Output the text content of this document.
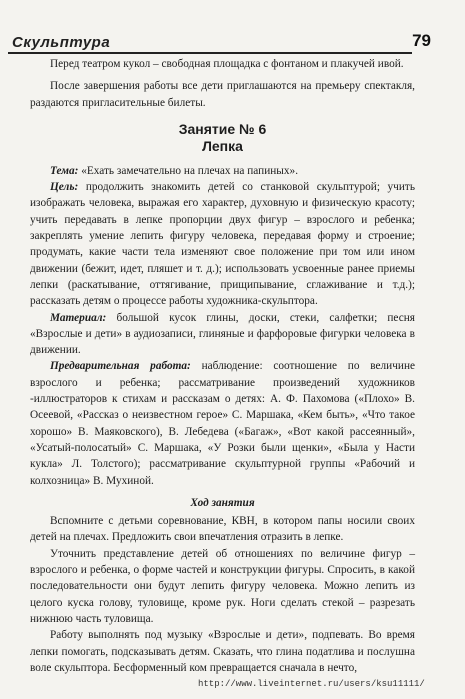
Скульптура	79

Перед театром кукол – свободная площадка с фонтаном и плакучей ивой.

После завершения работы все дети приглашаются на премьеру спектакля, раздаются пригласительные билеты.

Занятие № 6
Лепка

Тема: «Ехать замечательно на плечах на папиных».

Цель: продолжить знакомить детей со станковой скульптурой; учить изображать человека, выражая его характер, духовную и физическую красоту; учить передавать в лепке пропорции двух фигур – взрослого и ребенка; закреплять умение лепить фигуру человека, передавая форму и строение; продумать, какие части тела изменяют свое положение при том или ином движении (бежит, идет, пляшет и т. д.); использовать усвоенные ранее приемы лепки (раскатывание, оттягивание, прищипывание, сглаживание и т.д.); рассказать детям о процессе работы художника-скульптора.

Материал: большой кусок глины, доски, стеки, салфетки; песня «Взрослые и дети» в аудиозаписи, глиняные и фарфоровые фигурки человека в движении.

Предварительная работа: наблюдение: соотношение по величине взрослого и ребенка; рассматривание произведений художников -иллюстраторов к стихам и рассказам о детях: А. Ф. Пахомова («Плохо» В. Осеевой, «Рассказ о неизвестном герое» С. Маршака, «Кем быть», «Что такое хорошо» В. Маяковского), В. Лебедева («Багаж», «Вот какой рассеянный», «Усатый-полосатый» С. Маршака, «У Розки были щенки», «Была у Насти кукла» Л. Толстого); рассматривание скульптурной группы «Рабочий и колхозница» В. Мухиной.

Ход занятия

Вспомните с детьми соревнование, КВН, в котором папы носили своих детей на плечах. Предложить свои впечатления отразить в лепке.

Уточнить представление детей об отношениях по величине фигур – взрослого и ребенка, о форме частей и конструкции фигуры. Спросить, в какой последовательности они будут лепить фигуру человека. Можно лепить из целого куска голову, туловище, кроме рук. Ноги сделать стекой – разрезать нижнюю часть туловища.

Работу выполнять под музыку «Взрослые и дети», подпевать. Во время лепки помогать, подсказывать детям. Сказать, что глина податлива и послушна воле скульптора. Бесформенный ком превращается сначала в нечто,

http://www.liveinternet.ru/users/ksu11111/
